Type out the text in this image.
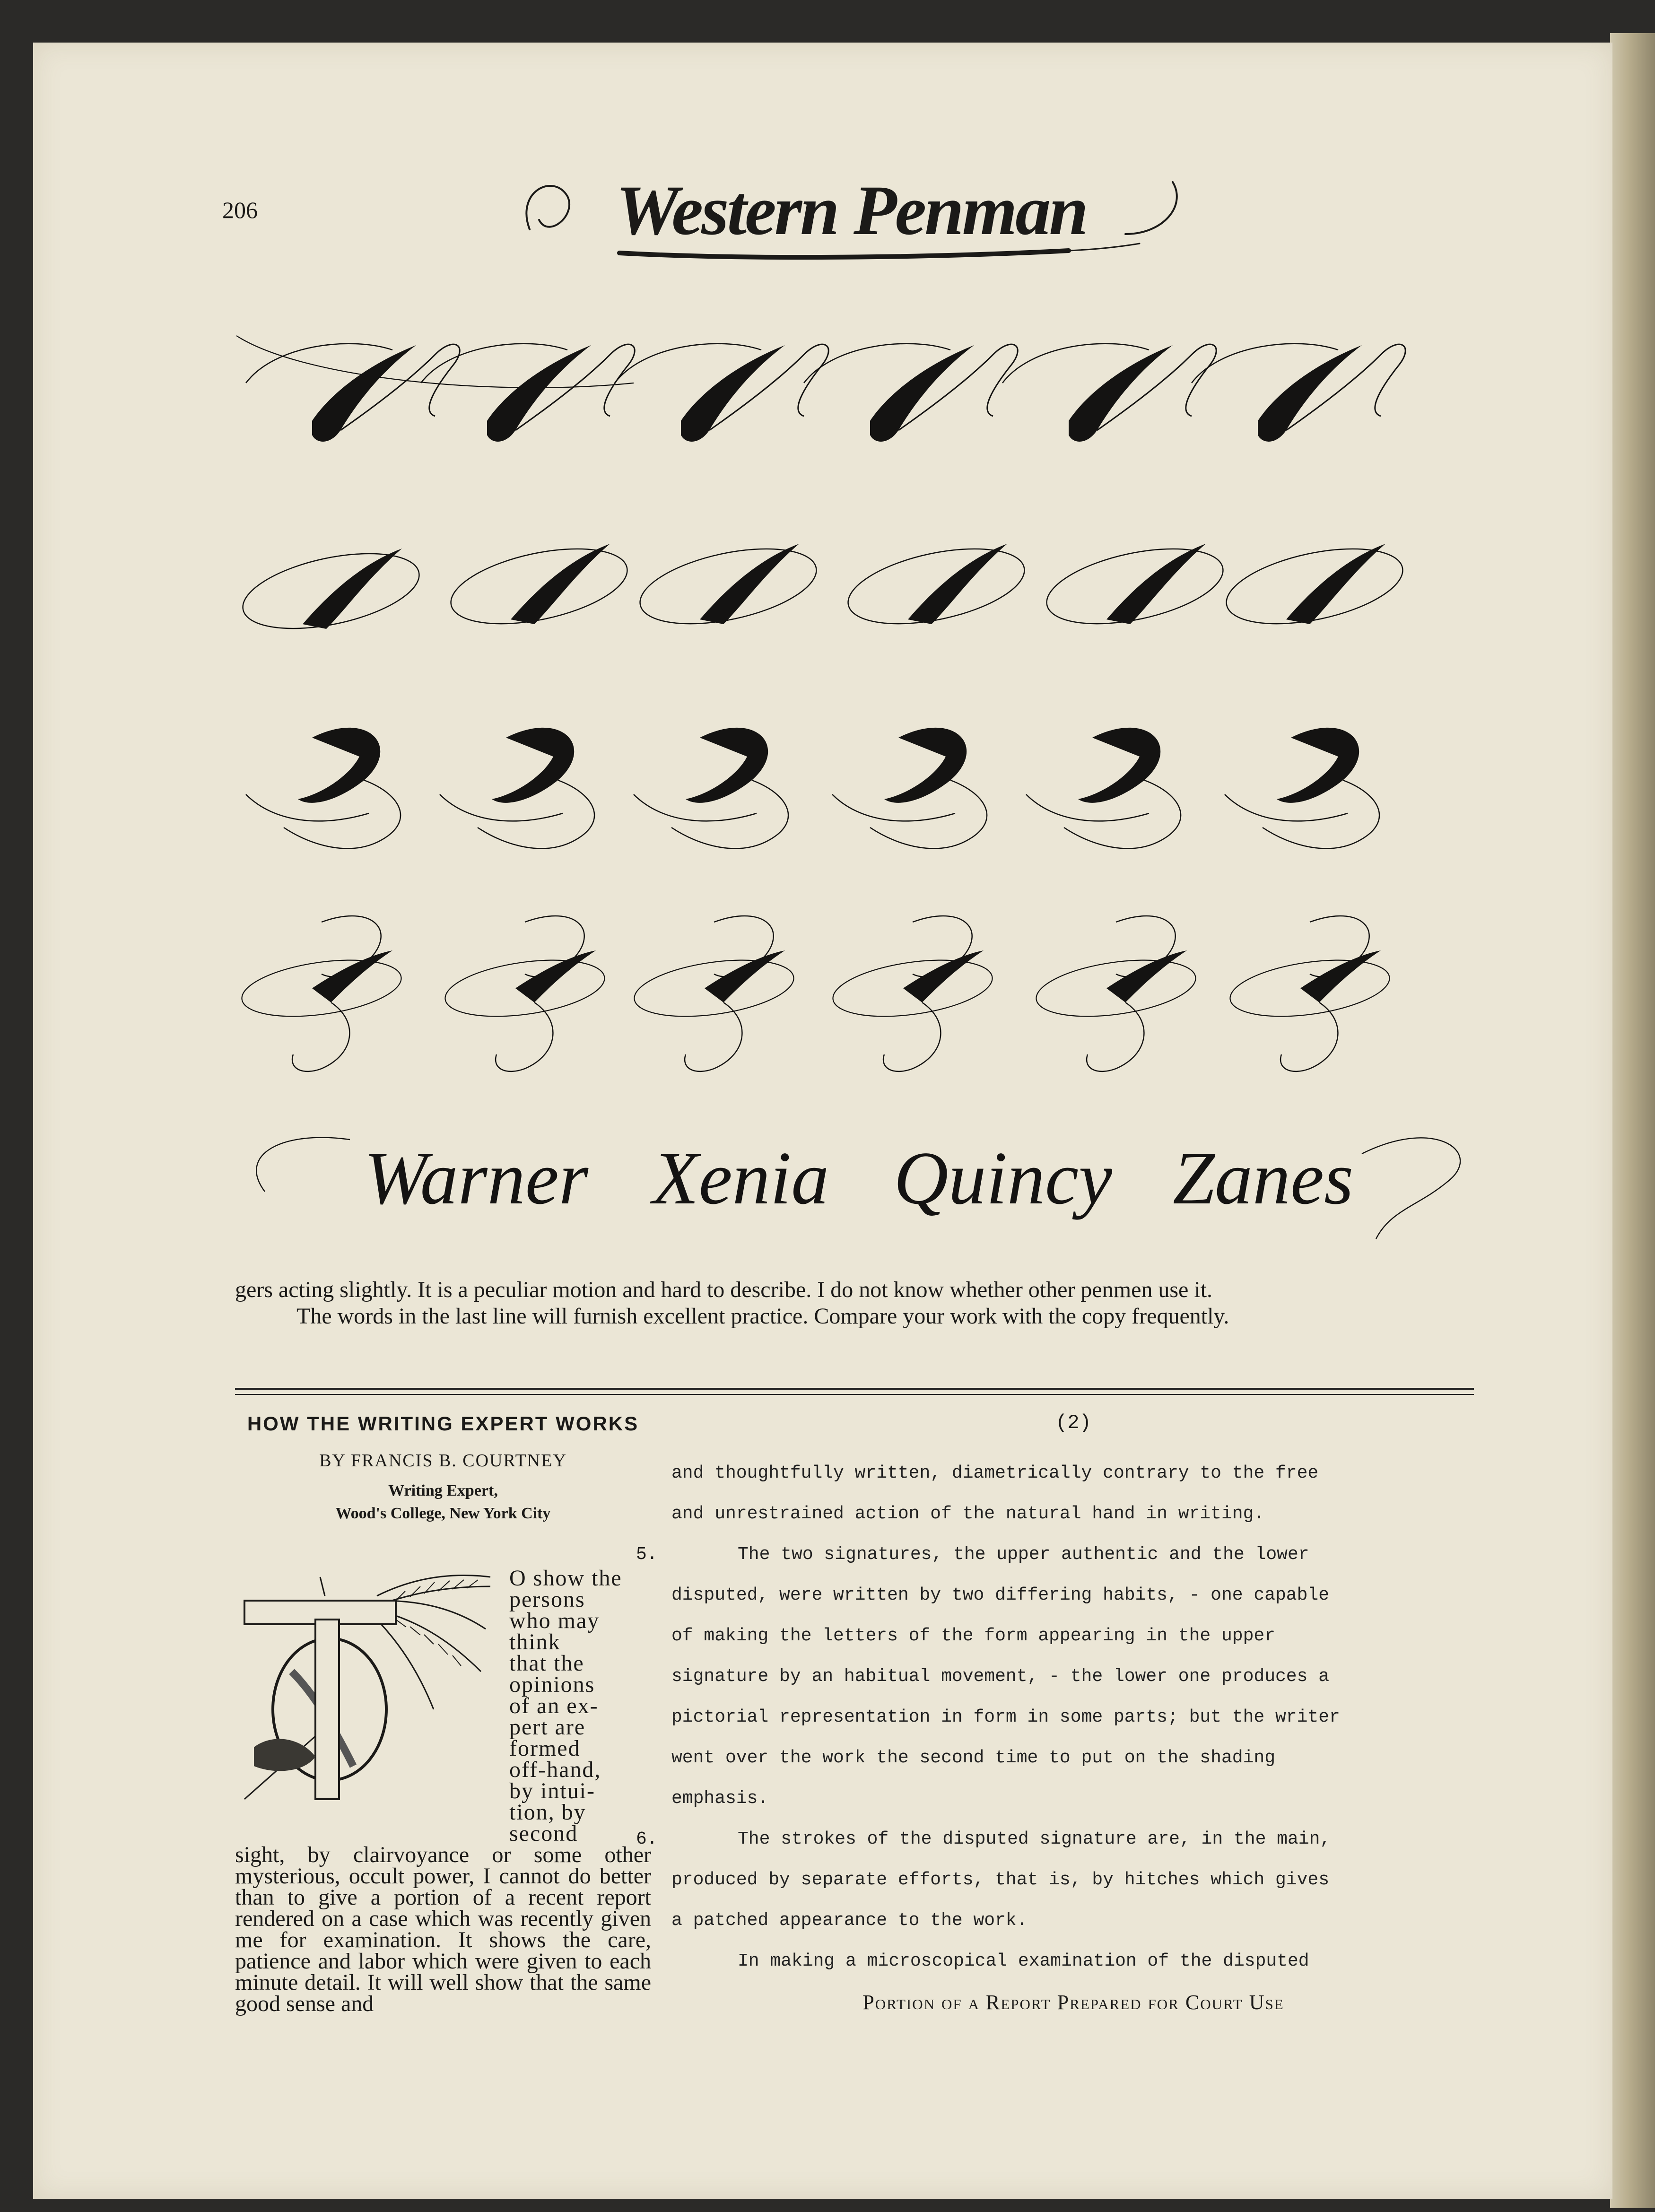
206	Western Penman
Warner Xenia Quincy Zanes

gers acting slightly. It is a peculiar motion and hard to describe. I do not know whether other penmen use it.

The words in the last line will furnish excellent practice. Compare your work with the copy frequently.

HOW THE WRITING EXPERT WORKS

BY FRANCIS B. COURTNEY

Writing Expert,

Wood's College, New York City

T
O show the
persons
who may
think
that the
opinions
of an ex-
pert are
formed
off-hand,
by intui-
tion, by
second
sight, by clairvoyance or some other mysterious, occult power, I cannot do better than to give a portion of a recent report rendered on a case which was recently given me for examination. It shows the care, patience and labor which were given to each minute detail. It will well show that the same good sense and

(2)

and thoughtfully written, diametrically contrary to the free

and unrestrained action of the natural hand in writing.

5.	The two signatures, the upper authentic and the lower

disputed, were written by two differing habits, - one capable

of making the letters of the form appearing in the upper

signature by an habitual movement, - the lower one produces a

pictorial representation in form in some parts; but the writer

went over the work the second time to put on the shading

emphasis.

6.	The strokes of the disputed signature are, in the main,

produced by separate efforts, that is, by hitches which gives

a patched appearance to the work.

In making a microscopical examination of the disputed

Portion of a Report Prepared for Court Use
